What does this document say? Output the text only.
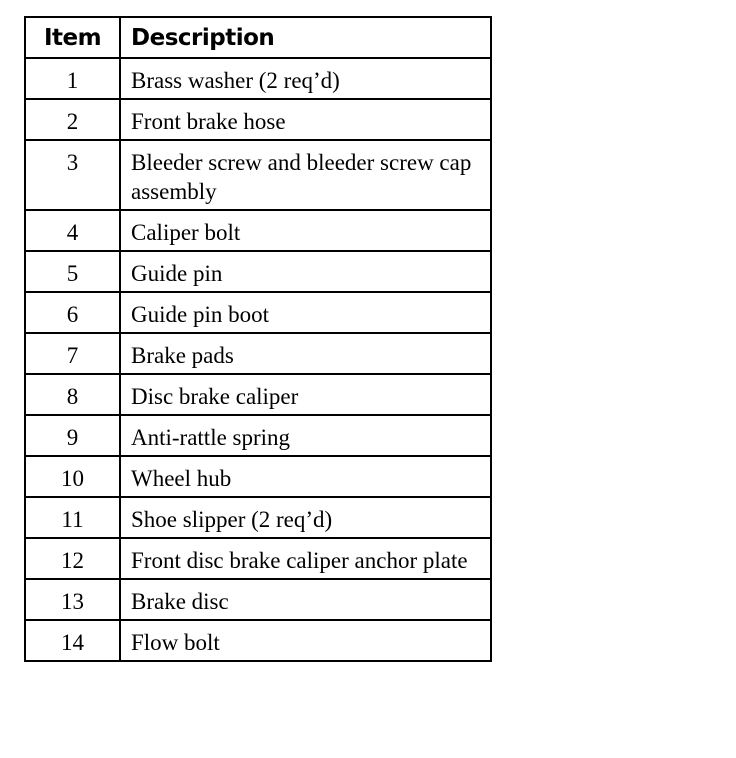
Item	Description
1	Brass washer (2 req’d)
2	Front brake hose
3	Bleeder screw and bleeder screw cap assembly
4	Caliper bolt
5	Guide pin
6	Guide pin boot
7	Brake pads
8	Disc brake caliper
9	Anti-rattle spring
10	Wheel hub
11	Shoe slipper (2 req’d)
12	Front disc brake caliper anchor plate
13	Brake disc
14	Flow bolt
